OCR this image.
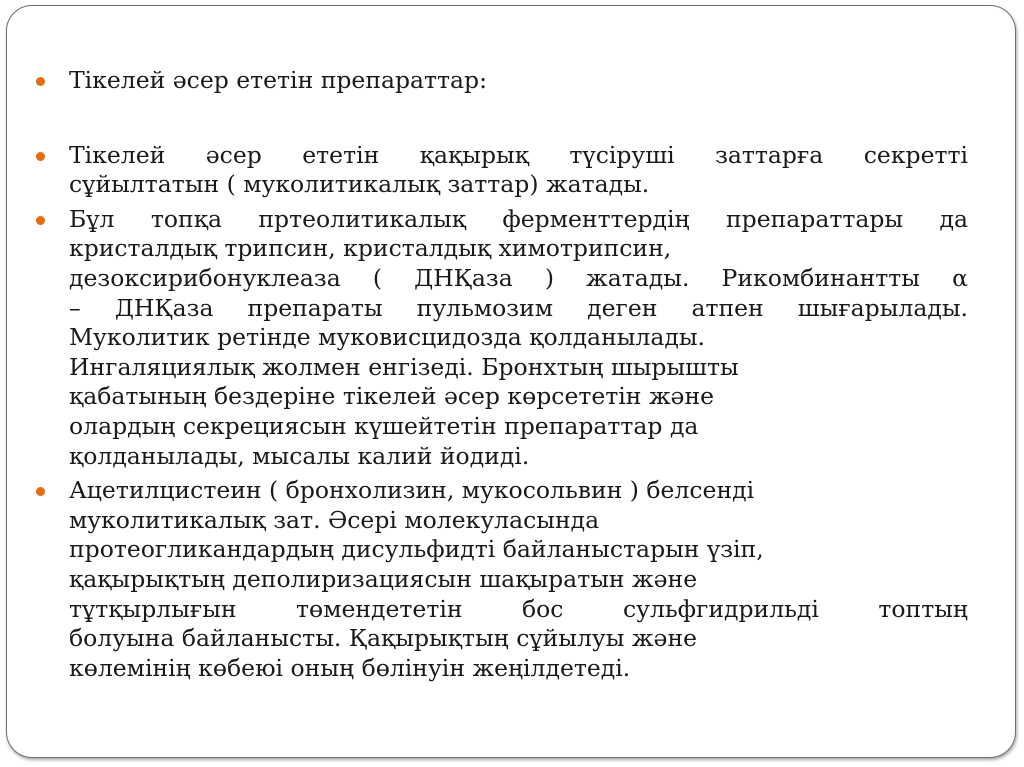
Тікелей әсер ететін препараттар:
Тікелей әсер ететін қақырық түсіруші заттарға секретті
сұйылтатын ( муколитикалық заттар) жатады.
Бұл топқа пртеолитикалық ферменттердің препараттары да
кристалдық трипсин, кристалдық химотрипсин,
дезоксирибонуклеаза ( ДНҚаза ) жатады. Рикомбинантты α
– ДНҚаза препараты пульмозим деген атпен шығарылады.
Муколитик ретінде муковисцидозда қолданылады.
Ингаляциялық жолмен енгізеді. Бронхтың шырышты
қабатының бездеріне тікелей әсер көрсететін және
олардың секрециясын күшейтетін препараттар да
қолданылады, мысалы калий йодиді.
Ацетилцистеин ( бронхолизин, мукосольвин ) белсенді
муколитикалық зат. Әсері молекуласында
протеогликандардың дисульфидті байланыстарын үзіп,
қақырықтың деполиризациясын шақыратын және
тұтқырлығын төмендететін бос сульфгидрильді топтың
болуына байланысты. Қақырықтың сұйылуы және
көлемінің көбеюі оның бөлінуін жеңілдетеді.
